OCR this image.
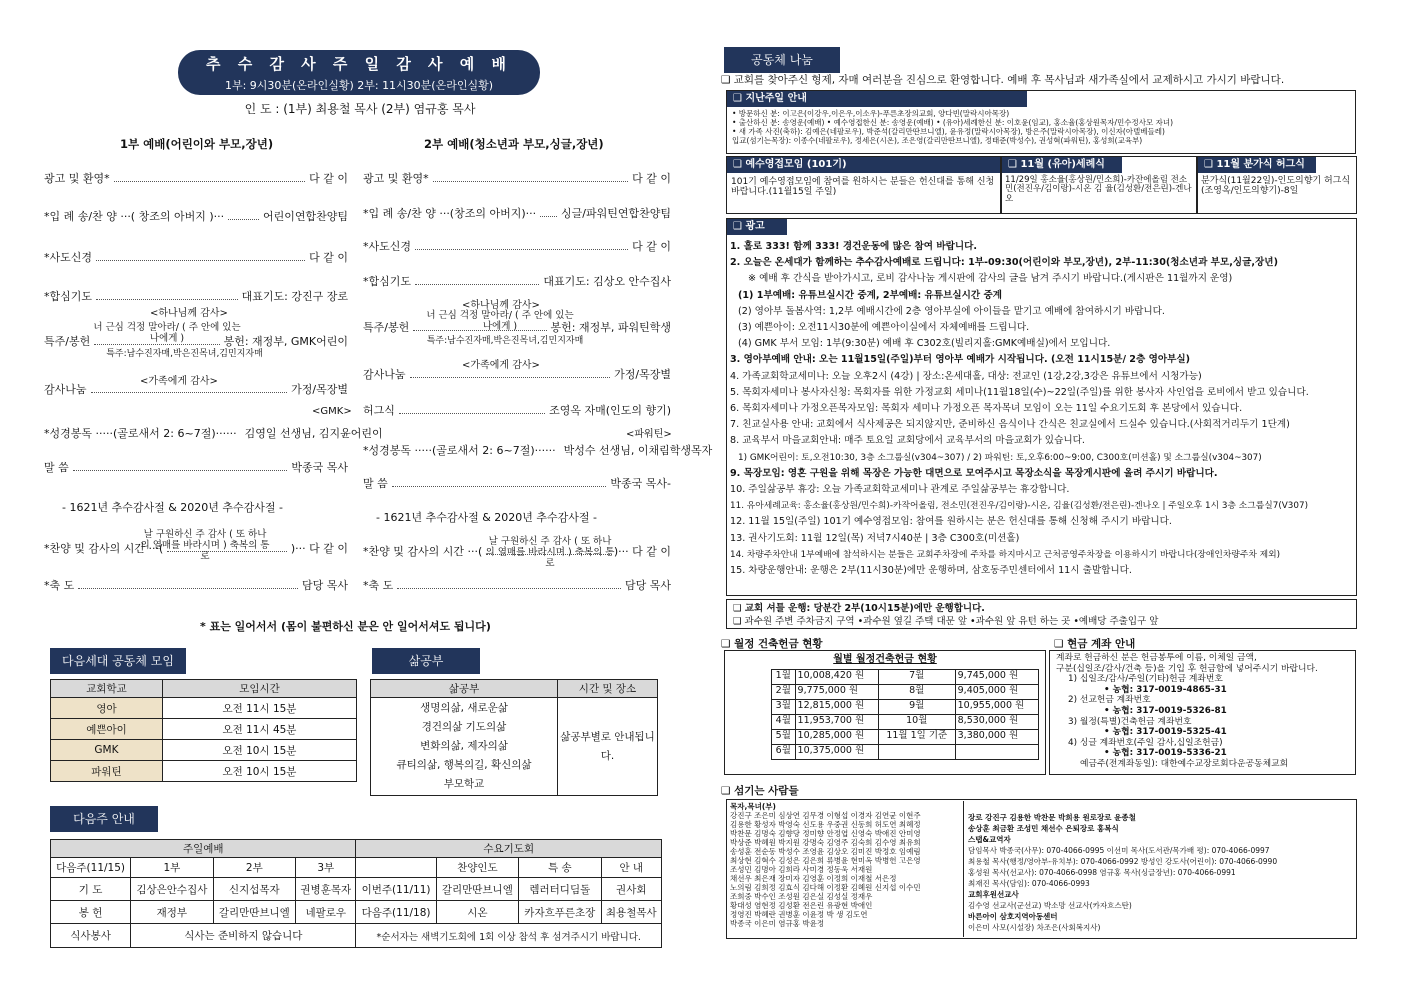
추 수 감 사 주 일 감 사 예 배
1부: 9시30분(온라인실황) 2부: 11시30분(온라인실황)
인 도 : (1부) 최용철 목사 (2부) 염규홍 목사
1부 예배(어린이와 부모,장년)	2부 예배(청소년과 부모,싱글,장년)
광고 및 환영*	다 같 이
*입 례 송/찬 양 ···( 창조의 아버지 )···	어린이연합찬양팀
*사도신경	다 같 이
*합심기도	대표기도: 강진구 장로
특주/봉헌	봉헌: 재정부, GMK어린이
감사나눔	가정/목장별
*성경봉독 ·····(골로새서 2: 6~7절)······ 김영일 선생님, 김지윤어린이
말 씀	박종국 목사
*찬양 및 감사의 시간 ···(	)··· 다 같 이
*축 도	담당 목사
광고 및 환영*	다 같 이
*입 례 송/찬 양 ···(창조의 아버지)··· 싱글/파워틴연합찬양팀
*사도신경	다 같 이
*합심기도	대표기도: 김상오 안수집사
특주/봉헌	봉헌: 재정부, 파워틴학생
감사나눔	가정/목장별
허그식	조영옥 자매(인도의 향기)
*성경봉독 ·····(골로새서 2: 6~7절)······ 박성수 선생님, 이채림학생목자
말 씀	박종국 목사-
*찬양 및 감사의 시간 ···(	)··· 다 같 이
*축 도	담당 목사
<하나님께 감사>
너 근심 걱정 말아라/ ( 주 안에 있는 나에게 )
특주:남수진자매,박은진목녀,김민지자매
<가족에게 감사>
<GMK>
날 구원하신 주 감사 ( 또 하나의 열매를 바라시며 ) 축복의 통로
- 1621년 추수감사절 & 2020년 추수감사절 -
<하나님께 감사>
너 근심 걱정 말아라/ ( 주 안에 있는 나에게 )
특주:남수진자매,박은진목녀,김민지자매
<가족에게 감사>
<파워틴>
날 구원하신 주 감사 ( 또 하나의 열매를 바라시며 ) 축복의 통로
- 1621년 추수감사절 & 2020년 추수감사절 -
* 표는 일어서서 (몸이 불편하신 분은 안 일어서셔도 됩니다)
다음세대 공동체 모임
교회학교	모임시간
영아	오전 11시 15분
예쁜아이	오전 11시 45분
GMK	오전 10시 15분
파워틴	오전 10시 15분
삶공부
삶공부	시간 및 장소

생명의삶, 새로운삶
경건의삶 기도의삶
변화의삶, 제자의삶
큐티의삶, 행복의길, 확신의삶
부모학교	삶공부별로 안내됩니다.
다음주 안내
주일예배				수요기도회			
다음주(11/15)	1부	2부	3부		찬양인도	특 송	안 내
기 도	김상은안수집사	신지섭목자	권병훈목자	이번주(11/11)	갈리만딴브니엘	렘러터디딤돌	권사회
봉 헌	재정부	갈리만딴브니엘	네팔로우	다음주(11/18)	시온	카자흐푸른초장	최용철목사
식사봉사	식사는 준비하지 않습니다			*순서자는 새벽기도회에 1회 이상 참석 후 섬겨주시기 바랍니다.			
공동체 나눔
❑ 교회를 찾아주신 형제, 자매 여러분을 진심으로 환영합니다. 예배 후 목사님과 새가족실에서 교제하시고 가시기 바랍니다.
❑ 지난주일 안내
• 방문하신 분: 이고은(이강우,이은우,이소우)-푸른초장의교회, 양다빈(말락시아목장)
• 출산하신 분: 송영운(예배) • 예수영접한신 분: 송영운(예배) • (유아)세례한신 분: 이호윤(임교), 홍소율(홍상원목자/민수정사모 자녀)
• 새 가족 사진(축하): 김예은(네팔로우), 박준석(갈리만딴브니엘), 윤유정(말락시아목장), 방은주(말락시아목장), 이신자(아델베들레)
입교(섬기는목장): 이종수(네팔로우), 정세은(시온), 조은영(갈리만딴브니엘), 정태준(박성수), 권성혁(파워틴), 홍성희(교육부)
❑ 예수영접모임 (101기)
101기 예수영접모임에 참여를 원하시는 분들은 헌신대를 통해 신청 바랍니다.(11월15일 주일)
❑ 11월 (유아)세례식
11/29일 홍소율(홍상원/민소희)-카잔에올림 전소민(전진우/김이랑)-시온 김 율(김성환/전은린)-겐나오
❑ 11월 분가식 허그식
분가식(11월22일)-인도의향기 허그식(조영옥/인도의향기)-8일
❑ 광고
1. 홀로 333! 함께 333! 경건운동에 많은 참여 바랍니다.
2. 오늘은 온세대가 함께하는 추수감사예배로 드립니다: 1부-09:30(어린이와 부모,장년), 2부-11:30(청소년과 부모,싱글,장년)
※ 예배 후 간식을 받아가시고, 로비 감사나눔 게시판에 감사의 글을 남겨 주시기 바랍니다.(게시판은 11월까지 운영)
(1) 1부예배: 유튜브실시간 중계, 2부예배: 유튜브실시간 중계
(2) 영아부 돌봄사역: 1,2부 예배시간에 2층 영아부실에 아이들을 맡기고 예배에 참여하시기 바랍니다.
(3) 예쁜아이: 오전11시30분에 예쁜아이실에서 자체예배를 드립니다.
(4) GMK 부서 모임: 1부(9:30분) 예배 후 C302호(빌리지홀:GMK예배실)에서 모입니다.
3. 영아부예배 안내: 오는 11월15일(주일)부터 영아부 예배가 시작됩니다. (오전 11시15분/ 2층 영아부실)
4. 가족교회학교세미나: 오늘 오후2시 (4강) | 장소:온세대홀, 대상: 전교인 (1강,2강,3강은 유튜브에서 시청가능)
5. 목회자세미나 봉사자신청: 목회자를 위한 가정교회 세미나(11월18일(수)~22일(주일)를 위한 봉사자 사인업을 로비에서 받고 있습니다.
6. 목회자세미나 가정오픈목자모임: 목회자 세미나 가정오픈 목자목녀 모임이 오는 11일 수요기도회 후 본당에서 있습니다.
7. 친교실사용 안내: 교회에서 식사제공은 되지않지만, 준비하신 음식이나 간식은 친교실에서 드실수 있습니다.(사회적거리두기 1단계)
8. 교육부서 마을교회안내: 매주 토요일 교회당에서 교육부서의 마을교회가 있습니다.
1) GMK어린이: 토,오전10:30, 3층 소그룹실(v304~307) / 2) 파워틴: 토,오후6:00~9:00, C300호(미션홀) 및 소그룹실(v304~307)
9. 목장모임: 영혼 구원을 위해 목장은 가능한 대면으로 모여주시고 목장소식을 목장게시판에 올려 주시기 바랍니다.
10. 주일삶공부 휴강: 오늘 가족교회학교세미나 관계로 주일삶공부는 휴강합니다.
11. 유아세례교육: 홍소율(홍상원/민수희)-카작어올림, 전소민(전진우/김이랑)-시온, 김율(김성환/전은린)-겐나오 | 주일오후 1시 3층 소그룹실7(V307)
12. 11월 15일(주일) 101기 예수영접모임: 참여를 원하시는 분은 헌신대를 통해 신청해 주시기 바랍니다.
13. 권사기도회: 11월 12일(목) 저녁7시40분 | 3층 C300호(미션홀)
14. 차량주차안내 1부예배에 참석하시는 분들은 교회주차장에 주차를 하지마시고 근처공영주차장을 이용하시기 바랍니다(장애인차량주차 제외)
15. 차량운행안내: 운행은 2부(11시30분)에만 운행하며, 삼호동주민센터에서 11시 출발합니다.
❑ 교회 셔틀 운행: 당분간 2부(10시15분)에만 운행합니다.
❑ 과수원 주변 주차금지 구역 •과수원 옆길 주택 대문 앞 •과수원 앞 유턴 하는 곳 •예배당 주출입구 앞
❑ 월정 건축헌금 현황
월별 월정건축헌금 현황
1월	10,008,420 원	7월	9,745,000 원
2월	9,775,000 원	8월	9,405,000 원
3월	12,815,000 원	9월	10,955,000 원
4월	11,953,700 원	10월	8,530,000 원
5월	10,285,000 원	11월 1일 기준	3,380,000 원
6월	10,375,000 원		
❑ 현금 계좌 안내
계좌로 헌금하신 분은 헌금봉투에 이름, 이체일 금액,
구분(십일조/감사/건축 등)을 기입 후 헌금함에 넣어주시기 바랍니다.
1) 십일조/감사/주일(기타)헌금 계좌번호
• 농협: 317-0019-4865-31
2) 선교헌금 계좌번호
• 농협: 317-0019-5326-81
3) 월정(특별)건축헌금 계좌번호
• 농협: 317-0019-5325-41
4) 싱글 계좌번호(주일 감사,십일조헌금)
• 농협: 317-0019-5336-21
예금주(전계좌동일): 대한예수교장로회다운공동체교회
❑ 섬기는 사람들
목자,목녀(부)
강진구 조은미 심상연 김무경 이형섭 이경자 김연균 이현주
김용한 황성자 박영숙 신도용 우중권 신동희 허도연 최혜정
박찬문 김명숙 김향당 정미향 안정엽 신영숙 박애진 안미영
박상준 박혜원 박지원 강명숙 김영주 김숙희 김수영 최유희
송성훈 전순동 박성수 조영윤 김상오 김미진 박정호 임예림
최상현 김혁수 김성은 김은희 류병윤 현미옥 박병헌 고은영
조성민 김명아 김희라 사미경 정동욱 서재원
채선우 최은재 장미자 김영훈 이정희 이재철 서은정
노의림 김희정 김효식 김다해 이정환 김혜원 신지섭 이수민
조희중 박수인 조성원 김은실 김성실 정재우
황대성 염현정 김성환 전은린 유광현 박애인
정영진 박혜란 권병훈 이윤정 박 생 김도연
박종국 이은미 염규홍 박윤정
장로 강진구 김용한 박찬문 박희용 원로장로 윤종철
송상훈 최금환 조성민 채선수 은퇴장로 홍복식
스탭&교역자
담임목사 박종국(사무): 070-4066-0995 이선미 목사(도서관/목가배 평): 070-4066-0997
최용철 목사(행정/영아부-유치부): 070-4066-0992 방성인 강도사(어린이): 070-4066-0990
홍성원 목사(선교사): 070-4066-0998 염규홍 목사(싱글장년): 070-4066-0991
최재진 목사(담임): 070-4066-0993
교회후원선교사
김수영 선교사(군선교) 박소망 선교사(카자흐스탄)
바른아이 삼호지역아동센터
이은미 사모(시설장) 차조은(사회복지사)
